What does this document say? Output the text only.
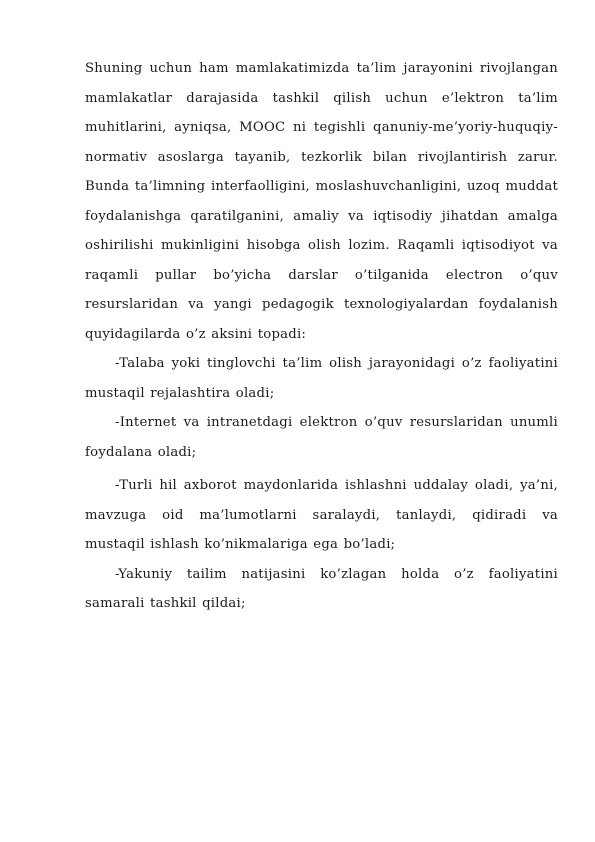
Shuning uchun ham mamlakatimizda ta’lim jarayonini rivojlangan mamlakatlar darajasida tashkil qilish uchun e’lektron ta’lim muhitlarini, ayniqsa, MOOC ni tegishli qanuniy-me’yoriy-huquqiy-normativ asoslarga tayanib, tezkorlik bilan rivojlantirish zarur. Bunda ta’limning interfaolligini, moslashuvchanligini, uzoq muddat foydalanishga qaratilganini, amaliy va iqtisodiy jihatdan amalga oshirilishi mukinligini hisobga olish lozim. Raqamli iqtisodiyot va raqamli pullar bo’yicha darslar o’tilganida electron o’quv resurslaridan va yangi pedagogik texnologiyalardan foydalanish quyidagilarda o’z aksini topadi:

-Talaba yoki tinglovchi ta’lim olish jarayonidagi o’z faoliyatini mustaqil rejalashtira oladi;

-Internet va intranetdagi elektron o’quv resurslaridan unumli foydalana oladi;

-Turli hil axborot maydonlarida ishlashni uddalay oladi, ya’ni, mavzuga oid ma’lumotlarni saralaydi, tanlaydi, qidiradi va mustaqil ishlash ko’nikmalariga ega bo’ladi;

-Yakuniy tailim natijasini ko’zlagan holda o’z faoliyatini samarali tashkil qildai;
